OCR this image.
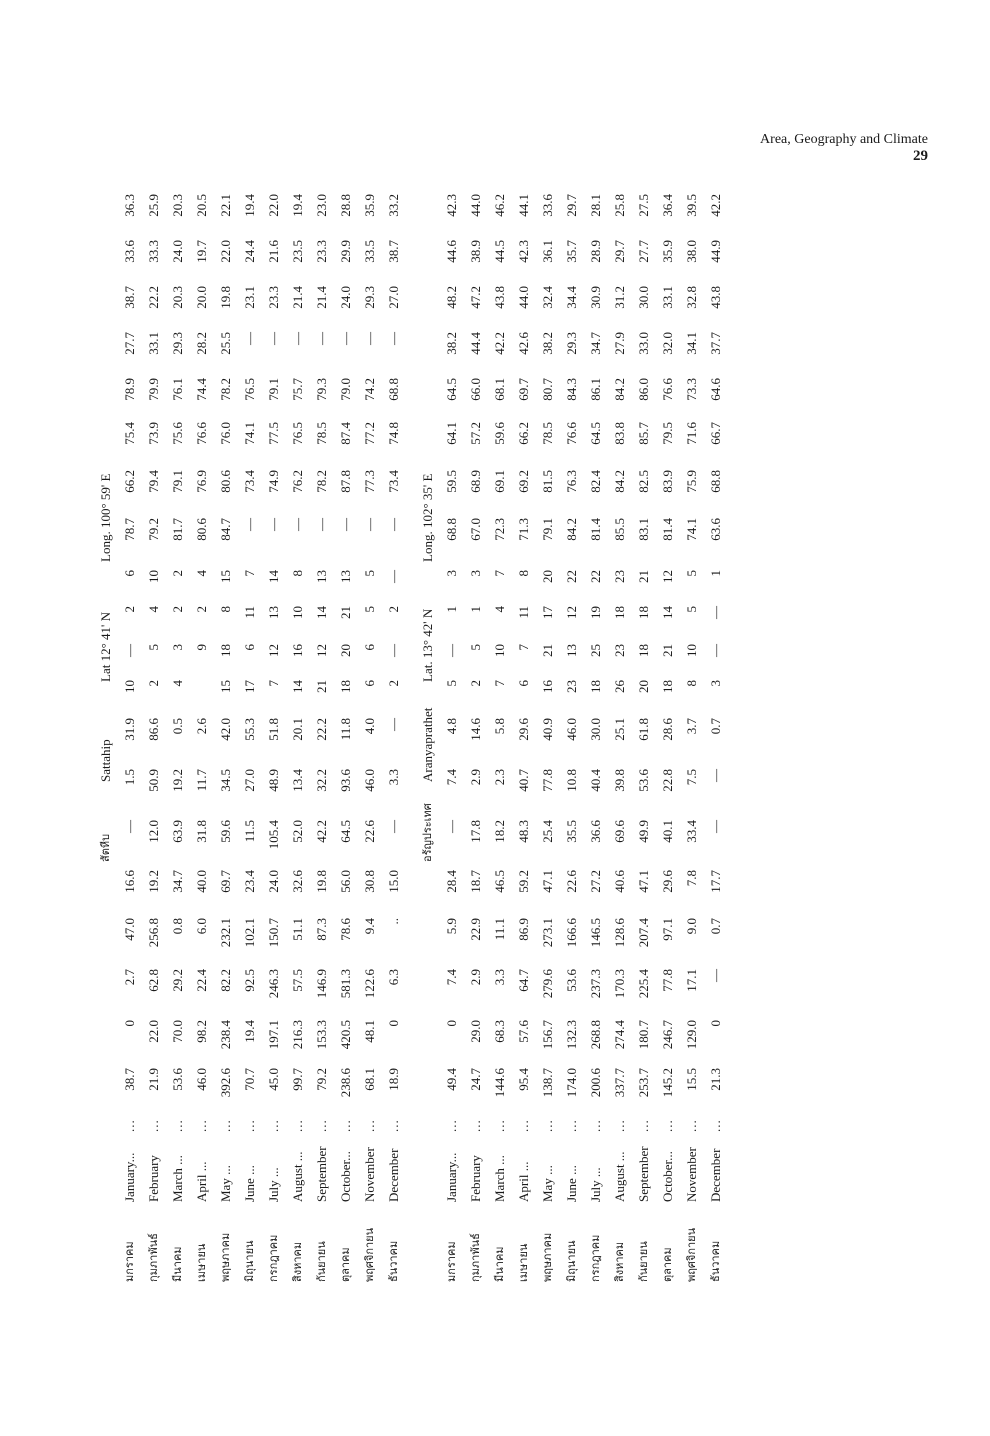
Area, Geography and Climate
29
สัตหีบ
Sattahip
Lat 12° 41' N
Long. 100° 59' E
มกราคม
January...
...
38.7
0
2.7
47.0
16.6
—
1.5
31.9
10
—
2
6
78.7
66.2
75.4
78.9
27.7
38.7
33.6
36.3
กุมภาพันธ์
February
...
21.9
22.0
62.8
256.8
19.2
12.0
50.9
86.6
2
5
4
10
79.2
79.4
73.9
79.9
33.1
22.2
33.3
25.9
มีนาคม
March ...
...
53.6
70.0
29.2
0.8
34.7
63.9
19.2
0.5
4
3
2
2
81.7
79.1
75.6
76.1
29.3
20.3
24.0
20.3
เมษายน
April ...
...
46.0
98.2
22.4
6.0
40.0
31.8
11.7
2.6
9
2
4
80.6
76.9
76.6
74.4
28.2
20.0
19.7
20.5
พฤษภาคม
May ...
...
392.6
238.4
82.2
232.1
69.7
59.6
34.5
42.0
15
18
8
15
84.7
80.6
76.0
78.2
25.5
19.8
22.0
22.1
มิถุนายน
June ...
...
70.7
19.4
92.5
102.1
23.4
11.5
27.0
55.3
17
6
11
7
—
73.4
74.1
76.5
—
23.1
24.4
19.4
กรกฎาคม
July ...
...
45.0
197.1
246.3
150.7
24.0
105.4
48.9
51.8
7
12
13
14
—
74.9
77.5
79.1
—
23.3
21.6
22.0
สิงหาคม
August ...
...
99.7
216.3
57.5
51.1
32.6
52.0
13.4
20.1
14
16
10
8
—
76.2
76.5
75.7
—
21.4
23.5
19.4
กันยายน
September
...
79.2
153.3
146.9
87.3
19.8
42.2
32.2
22.2
21
12
14
13
—
78.2
78.5
79.3
—
21.4
23.3
23.0
ตุลาคม
October...
...
238.6
420.5
581.3
78.6
56.0
64.5
93.6
11.8
18
20
21
13
—
87.8
87.4
79.0
—
24.0
29.9
28.8
พฤศจิกายน
November
...
68.1
48.1
122.6
9.4
30.8
22.6
46.0
4.0
6
6
5
5
—
77.3
77.2
74.2
—
29.3
33.5
35.9
ธันวาคม
December
...
18.9
0
6.3
..
15.0
—
3.3
—
2
—
2
—
—
73.4
74.8
68.8
—
27.0
38.7
33.2
อรัญประเทศ
Aranyaprathet
Lat. 13° 42' N
Long. 102° 35' E
มกราคม
January...
...
49.4
0
7.4
5.9
28.4
—
7.4
4.8
5
—
1
3
68.8
59.5
64.1
64.5
38.2
48.2
44.6
42.3
กุมภาพันธ์
February
...
24.7
29.0
2.9
22.9
18.7
17.8
2.9
14.6
2
5
1
3
67.0
68.9
57.2
66.0
44.4
47.2
38.9
44.0
มีนาคม
March ...
...
144.6
68.3
3.3
11.1
46.5
18.2
2.3
5.8
7
10
4
7
72.3
69.1
59.6
68.1
42.2
43.8
44.5
46.2
เมษายน
April ...
...
95.4
57.6
64.7
86.9
59.2
48.3
40.7
29.6
6
7
11
8
71.3
69.2
66.2
69.7
42.6
44.0
42.3
44.1
พฤษภาคม
May ...
...
138.7
156.7
279.6
273.1
47.1
25.4
77.8
40.9
16
21
17
20
79.1
81.5
78.5
80.7
38.2
32.4
36.1
33.6
มิถุนายน
June ...
...
174.0
132.3
53.6
166.6
22.6
35.5
10.8
46.0
23
13
12
22
84.2
76.3
76.6
84.3
29.3
34.4
35.7
29.7
กรกฎาคม
July ...
...
200.6
268.8
237.3
146.5
27.2
36.6
40.4
30.0
18
25
19
22
81.4
82.4
64.5
86.1
34.7
30.9
28.9
28.1
สิงหาคม
August ...
...
337.7
274.4
170.3
128.6
40.6
69.6
39.8
25.1
26
23
18
23
85.5
84.2
83.8
84.2
27.9
31.2
29.7
25.8
กันยายน
September
...
253.7
180.7
225.4
207.4
47.1
49.9
53.6
61.8
20
18
18
21
83.1
82.5
85.7
86.0
33.0
30.0
27.7
27.5
ตุลาคม
October...
...
145.2
246.7
77.8
97.1
29.6
40.1
22.8
28.6
18
21
14
12
81.4
83.9
79.5
76.6
32.0
33.1
35.9
36.4
พฤศจิกายน
November
...
15.5
129.0
17.1
9.0
7.8
33.4
7.5
3.7
8
10
5
5
74.1
75.9
71.6
73.3
34.1
32.8
38.0
39.5
ธันวาคม
December
...
21.3
0
—
0.7
17.7
—
—
0.7
3
—
—
1
63.6
68.8
66.7
64.6
37.7
43.8
44.9
42.2
